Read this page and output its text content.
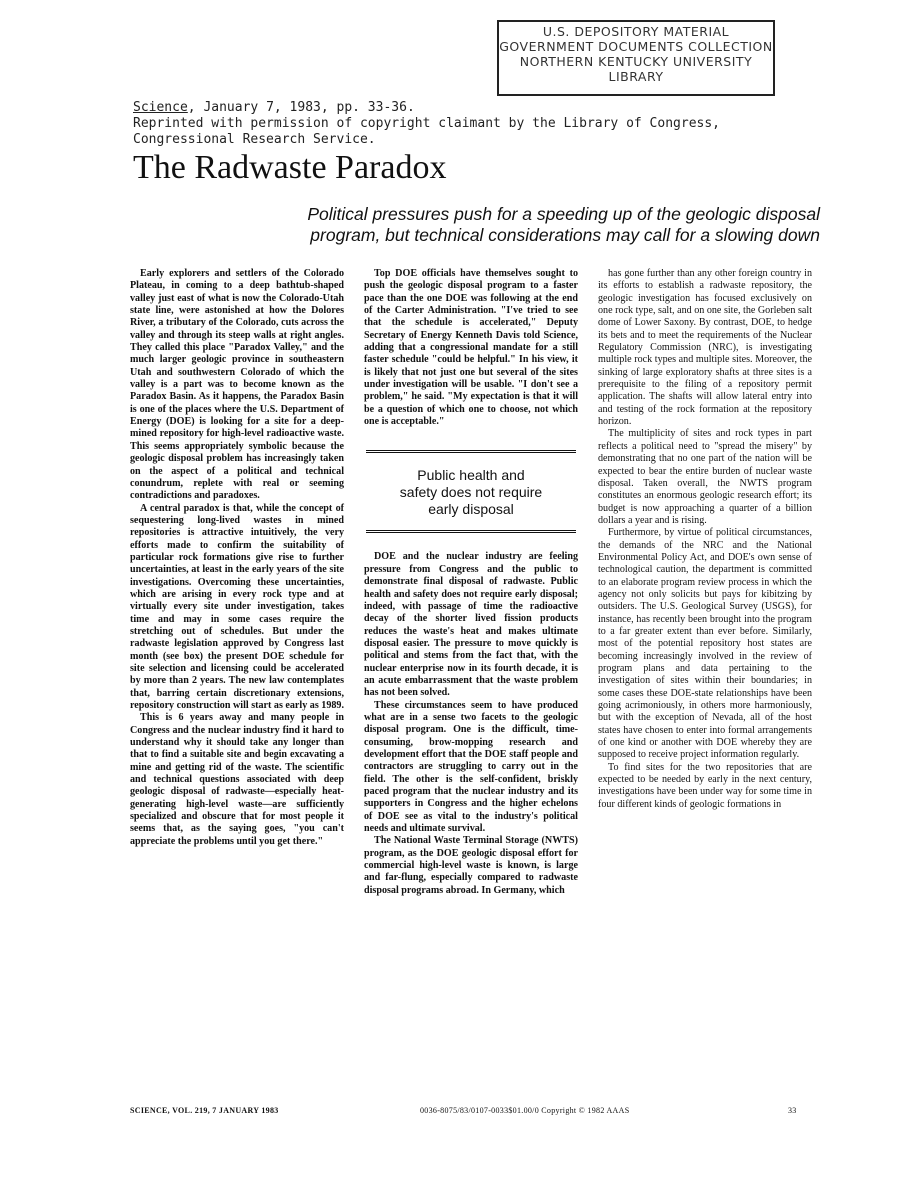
U.S. DEPOSITORY MATERIAL
GOVERNMENT DOCUMENTS COLLECTION
NORTHERN KENTUCKY UNIVERSITY
LIBRARY
Science, January 7, 1983, pp. 33-36.
Reprinted with permission of copyright claimant by the Library of Congress,
Congressional Research Service.
The Radwaste Paradox
Political pressures push for a speeding up of the geologic disposal
program, but technical considerations may call for a slowing down

Early explorers and settlers of the Colorado Plateau, in coming to a deep bathtub-shaped valley just east of what is now the Colorado-Utah state line, were astonished at how the Dolores River, a tributary of the Colorado, cuts across the valley and through its steep walls at right angles. They called this place "Paradox Valley," and the much larger geologic province in southeastern Utah and southwestern Colorado of which the valley is a part was to become known as the Paradox Basin. As it happens, the Paradox Basin is one of the places where the U.S. Department of Energy (DOE) is looking for a site for a deep-mined repository for high-level radioactive waste. This seems appropriately symbolic because the geologic disposal problem has increasingly taken on the aspect of a political and technical conundrum, replete with real or seeming contradictions and paradoxes.

A central paradox is that, while the concept of sequestering long-lived wastes in mined repositories is attractive intuitively, the very efforts made to confirm the suitability of particular rock formations give rise to further uncertainties, at least in the early years of the site investigations. Overcoming these uncertainties, which are arising in every rock type and at virtually every site under investigation, takes time and may in some cases require the stretching out of schedules. But under the radwaste legislation approved by Congress last month (see box) the present DOE schedule for site selection and licensing could be accelerated by more than 2 years. The new law contemplates that, barring certain discretionary extensions, repository construction will start as early as 1989.

This is 6 years away and many people in Congress and the nuclear industry find it hard to understand why it should take any longer than that to find a suitable site and begin excavating a mine and getting rid of the waste. The scientific and technical questions associated with deep geologic disposal of radwaste—especially heat-generating high-level waste—are sufficiently specialized and obscure that for most people it seems that, as the saying goes, "you can't appreciate the problems until you get there."

Top DOE officials have themselves sought to push the geologic disposal program to a faster pace than the one DOE was following at the end of the Carter Administration. "I've tried to see that the schedule is accelerated," Deputy Secretary of Energy Kenneth Davis told Science, adding that a congressional mandate for a still faster schedule "could be helpful." In his view, it is likely that not just one but several of the sites under investigation will be usable. "I don't see a problem," he said. "My expectation is that it will be a question of which one to choose, not which one is acceptable."

Public health and
safety does not require
early disposal

DOE and the nuclear industry are feeling pressure from Congress and the public to demonstrate final disposal of radwaste. Public health and safety does not require early disposal; indeed, with passage of time the radioactive decay of the shorter lived fission products reduces the waste's heat and makes ultimate disposal easier. The pressure to move quickly is political and stems from the fact that, with the nuclear enterprise now in its fourth decade, it is an acute embarrassment that the waste problem has not been solved.

These circumstances seem to have produced what are in a sense two facets to the geologic disposal program. One is the difficult, time-consuming, brow-mopping research and development effort that the DOE staff people and contractors are struggling to carry out in the field. The other is the self-confident, briskly paced program that the nuclear industry and its supporters in Congress and the higher echelons of DOE see as vital to the industry's political needs and ultimate survival.

The National Waste Terminal Storage (NWTS) program, as the DOE geologic disposal effort for commercial high-level waste is known, is large and far-flung, especially compared to radwaste disposal programs abroad. In Germany, which

has gone further than any other foreign country in its efforts to establish a radwaste repository, the geologic investigation has focused exclusively on one rock type, salt, and on one site, the Gorleben salt dome of Lower Saxony. By contrast, DOE, to hedge its bets and to meet the requirements of the Nuclear Regulatory Commission (NRC), is investigating multiple rock types and multiple sites. Moreover, the sinking of large exploratory shafts at three sites is a prerequisite to the filing of a repository permit application. The shafts will allow lateral entry into and testing of the rock formation at the repository horizon.

The multiplicity of sites and rock types in part reflects a political need to "spread the misery" by demonstrating that no one part of the nation will be expected to bear the entire burden of nuclear waste disposal. Taken overall, the NWTS program constitutes an enormous geologic research effort; its budget is now approaching a quarter of a billion dollars a year and is rising.

Furthermore, by virtue of political circumstances, the demands of the NRC and the National Environmental Policy Act, and DOE's own sense of technological caution, the department is committed to an elaborate program review process in which the agency not only solicits but pays for kibitzing by outsiders. The U.S. Geological Survey (USGS), for instance, has recently been brought into the program to a far greater extent than ever before. Similarly, most of the potential repository host states are becoming increasingly involved in the review of program plans and data pertaining to the investigation of sites within their boundaries; in some cases these DOE-state relationships have been going acrimoniously, in others more harmoniously, but with the exception of Nevada, all of the host states have chosen to enter into formal arrangements of one kind or another with DOE whereby they are supposed to receive project information regularly.

To find sites for the two repositories that are expected to be needed by early in the next century, investigations have been under way for some time in four different kinds of geologic formations in

SCIENCE, VOL. 219, 7 JANUARY 1983	0036-8075/83/0107-0033$01.00/0 Copyright © 1982 AAAS	33
